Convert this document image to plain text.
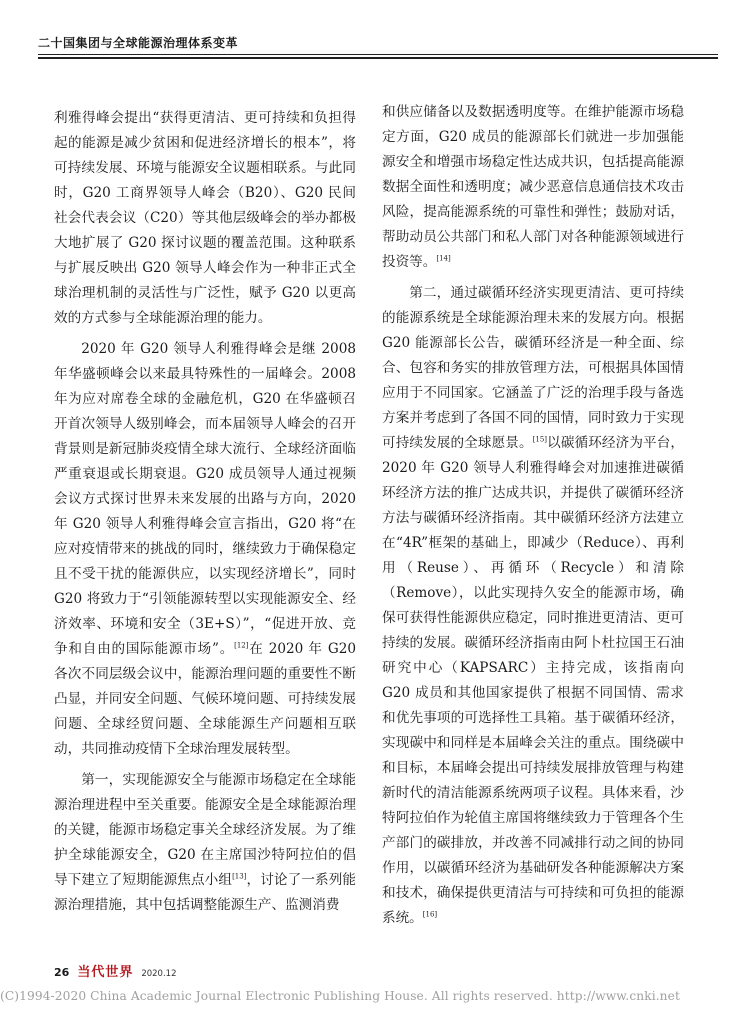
二十国集团与全球能源治理体系变革

利雅得峰会提出“获得更清洁、更可持续和负担得起的能源是减少贫困和促进经济增长的根本”，将可持续发展、环境与能源安全议题相联系。与此同时，G20 工商界领导人峰会（B20）、G20 民间社会代表会议（C20）等其他层级峰会的举办都极大地扩展了 G20 探讨议题的覆盖范围。这种联系与扩展反映出 G20 领导人峰会作为一种非正式全球治理机制的灵活性与广泛性，赋予 G20 以更高效的方式参与全球能源治理的能力。

2020 年 G20 领导人利雅得峰会是继 2008 年华盛顿峰会以来最具特殊性的一届峰会。2008 年为应对席卷全球的金融危机，G20 在华盛顿召开首次领导人级别峰会，而本届领导人峰会的召开背景则是新冠肺炎疫情全球大流行、全球经济面临严重衰退或长期衰退。G20 成员领导人通过视频会议方式探讨世界未来发展的出路与方向，2020 年 G20 领导人利雅得峰会宣言指出，G20 将“在应对疫情带来的挑战的同时，继续致力于确保稳定且不受干扰的能源供应，以实现经济增长”，同时 G20 将致力于“引领能源转型以实现能源安全、经济效率、环境和安全（3E+S）”，“促进开放、竞争和自由的国际能源市场”。[12]在 2020 年 G20 各次不同层级会议中，能源治理问题的重要性不断凸显，并同安全问题、气候环境问题、可持续发展问题、全球经贸问题、全球能源生产问题相互联动，共同推动疫情下全球治理发展转型。

第一，实现能源安全与能源市场稳定在全球能源治理进程中至关重要。能源安全是全球能源治理的关键，能源市场稳定事关全球经济发展。为了维护全球能源安全，G20 在主席国沙特阿拉伯的倡导下建立了短期能源焦点小组[13]，讨论了一系列能源治理措施，其中包括调整能源生产、监测消费

和供应储备以及数据透明度等。在维护能源市场稳定方面，G20 成员的能源部长们就进一步加强能源安全和增强市场稳定性达成共识，包括提高能源数据全面性和透明度；减少恶意信息通信技术攻击风险，提高能源系统的可靠性和弹性；鼓励对话，帮助动员公共部门和私人部门对各种能源领域进行投资等。[14]

第二，通过碳循环经济实现更清洁、更可持续的能源系统是全球能源治理未来的发展方向。根据 G20 能源部长公告，碳循环经济是一种全面、综合、包容和务实的排放管理方法，可根据具体国情应用于不同国家。它涵盖了广泛的治理手段与备选方案并考虑到了各国不同的国情，同时致力于实现可持续发展的全球愿景。[15]以碳循环经济为平台，2020 年 G20 领导人利雅得峰会对加速推进碳循环经济方法的推广达成共识，并提供了碳循环经济方法与碳循环经济指南。其中碳循环经济方法建立在“4R”框架的基础上，即减少（Reduce）、再利用（Reuse）、再循环（Recycle）和清除（Remove），以此实现持久安全的能源市场，确保可获得性能源供应稳定，同时推进更清洁、更可持续的发展。碳循环经济指南由阿卜杜拉国王石油研究中心（KAPSARC）主持完成，该指南向 G20 成员和其他国家提供了根据不同国情、需求和优先事项的可选择性工具箱。基于碳循环经济，实现碳中和同样是本届峰会关注的重点。围绕碳中和目标，本届峰会提出可持续发展排放管理与构建新时代的清洁能源系统两项子议程。具体来看，沙特阿拉伯作为轮值主席国将继续致力于管理各个生产部门的碳排放，并改善不同减排行动之间的协同作用，以碳循环经济为基础研发各种能源解决方案和技术，确保提供更清洁与可持续和可负担的能源系统。[16]

26 当代世界 2020.12
(C)1994-2020 China Academic Journal Electronic Publishing House. All rights reserved. http://www.cnki.net
